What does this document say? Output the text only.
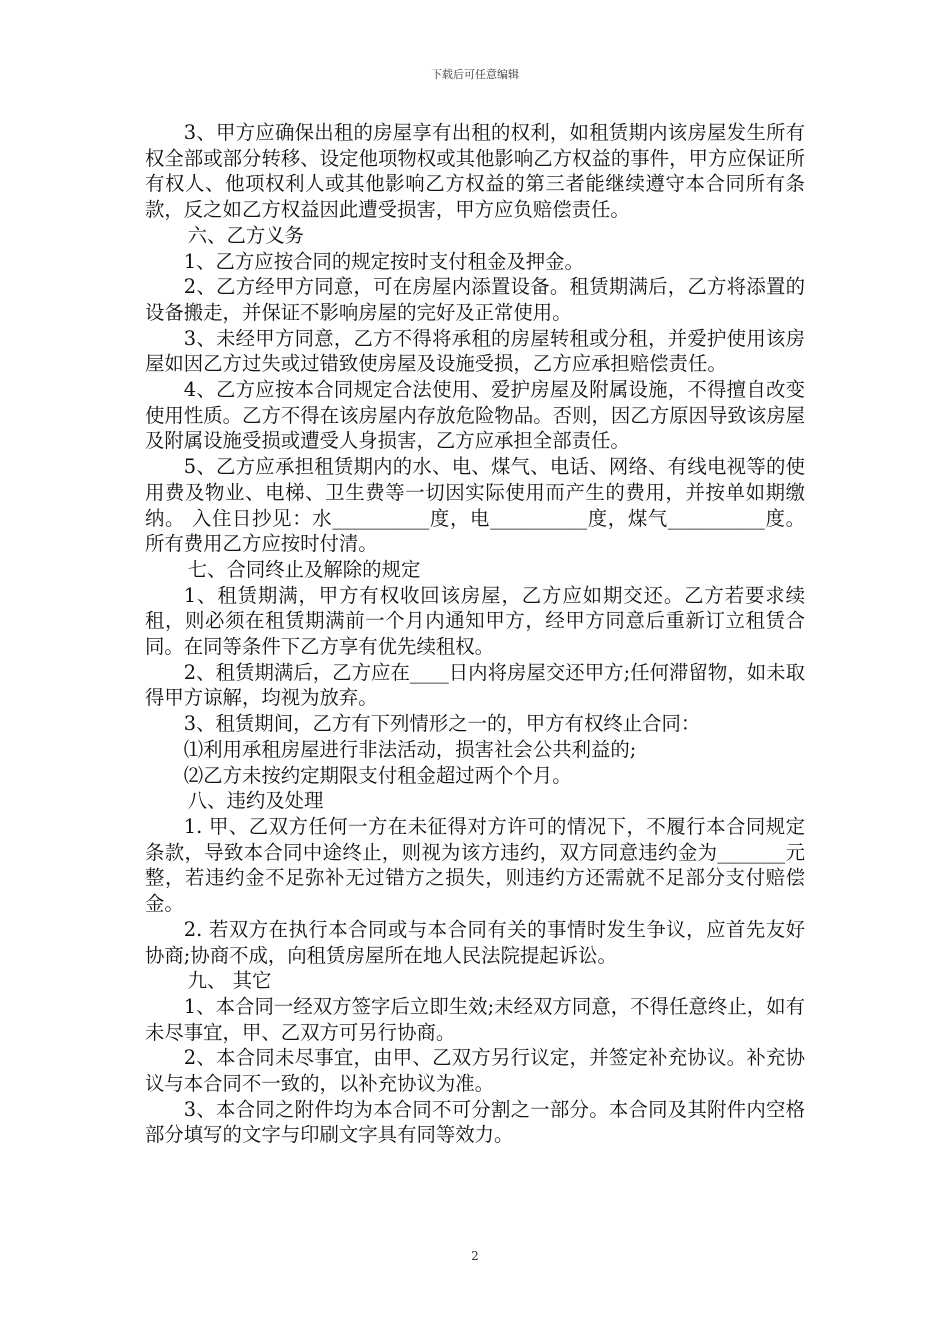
下载后可任意编辑

3、甲方应确保出租的房屋享有出租的权利，如租赁期内该房屋发生所有权全部或部分转移、设定他项物权或其他影响乙方权益的事件，甲方应保证所有权人、他项权利人或其他影响乙方权益的第三者能继续遵守本合同所有条款，反之如乙方权益因此遭受损害，甲方应负赔偿责任。

六、乙方义务

1、乙方应按合同的规定按时支付租金及押金。

2、乙方经甲方同意，可在房屋内添置设备。租赁期满后，乙方将添置的设备搬走，并保证不影响房屋的完好及正常使用。

3、未经甲方同意，乙方不得将承租的房屋转租或分租，并爱护使用该房屋如因乙方过失或过错致使房屋及设施受损，乙方应承担赔偿责任。

4、乙方应按本合同规定合法使用、爱护房屋及附属设施，不得擅自改变使用性质。乙方不得在该房屋内存放危险物品。否则，因乙方原因导致该房屋及附属设施受损或遭受人身损害，乙方应承担全部责任。

5、乙方应承担租赁期内的水、电、煤气、电话、网络、有线电视等的使用费及物业、电梯、卫生费等一切因实际使用而产生的费用，并按单如期缴纳。 入住日抄见：水__________度，电__________度，煤气__________度。所有费用乙方应按时付清。

七、合同终止及解除的规定

1、租赁期满，甲方有权收回该房屋，乙方应如期交还。乙方若要求续租，则必须在租赁期满前一个月内通知甲方，经甲方同意后重新订立租赁合同。在同等条件下乙方享有优先续租权。

2、租赁期满后，乙方应在____日内将房屋交还甲方;任何滞留物，如未取得甲方谅解，均视为放弃。

3、租赁期间，乙方有下列情形之一的，甲方有权终止合同：

⑴利用承租房屋进行非法活动，损害社会公共利益的;

⑵乙方未按约定期限支付租金超过两个个月。

八、违约及处理

1. 甲、乙双方任何一方在未征得对方许可的情况下，不履行本合同规定条款，导致本合同中途终止，则视为该方违约，双方同意违约金为_______元整，若违约金不足弥补无过错方之损失，则违约方还需就不足部分支付赔偿金。

2. 若双方在执行本合同或与本合同有关的事情时发生争议，应首先友好协商;协商不成，向租赁房屋所在地人民法院提起诉讼。

九、 其它

1、本合同一经双方签字后立即生效;未经双方同意，不得任意终止，如有未尽事宜，甲、乙双方可另行协商。

2、本合同未尽事宜，由甲、乙双方另行议定，并签定补充协议。补充协议与本合同不一致的，以补充协议为准。

3、本合同之附件均为本合同不可分割之一部分。本合同及其附件内空格部分填写的文字与印刷文字具有同等效力。

2
